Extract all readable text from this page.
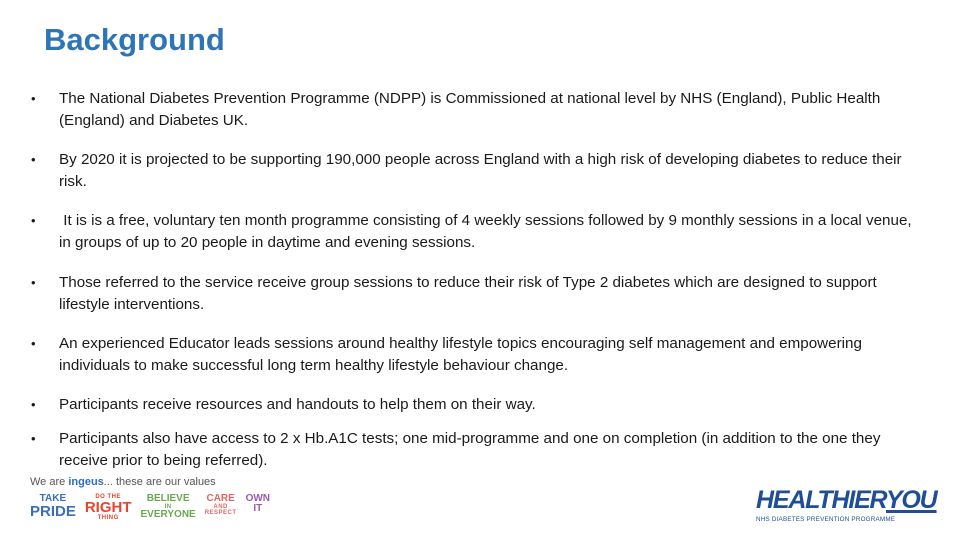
Background
•	The National Diabetes Prevention Programme (NDPP) is Commissioned at national level by NHS (England), Public Health (England) and Diabetes UK.
•	By 2020 it is projected to be supporting 190,000 people across England with a high risk of developing diabetes to reduce their risk.
•	It is is a free, voluntary ten month programme consisting of 4 weekly sessions followed by 9 monthly sessions in a local venue, in groups of up to 20 people in daytime and evening sessions.
•	Those referred to the service receive group sessions to reduce their risk of Type 2 diabetes which are designed to support lifestyle interventions.
•	An experienced Educator leads sessions around healthy lifestyle topics encouraging self management and empowering individuals to make successful long term healthy lifestyle behaviour change.
•	Participants receive resources and handouts to help them on their way.
•	Participants also have access to 2 x Hb.A1C tests; one mid-programme and one on completion (in addition to the one they receive prior to being referred).
We are ingeus... these are our values
TAKE
PRIDE
DO THE
RIGHT
THING
BELIEVE
IN
EVERYONE
CARE
AND
RESPECT
OWN
IT	HEALTHIERYOU
NHS DIABETES PREVENTION PROGRAMME
